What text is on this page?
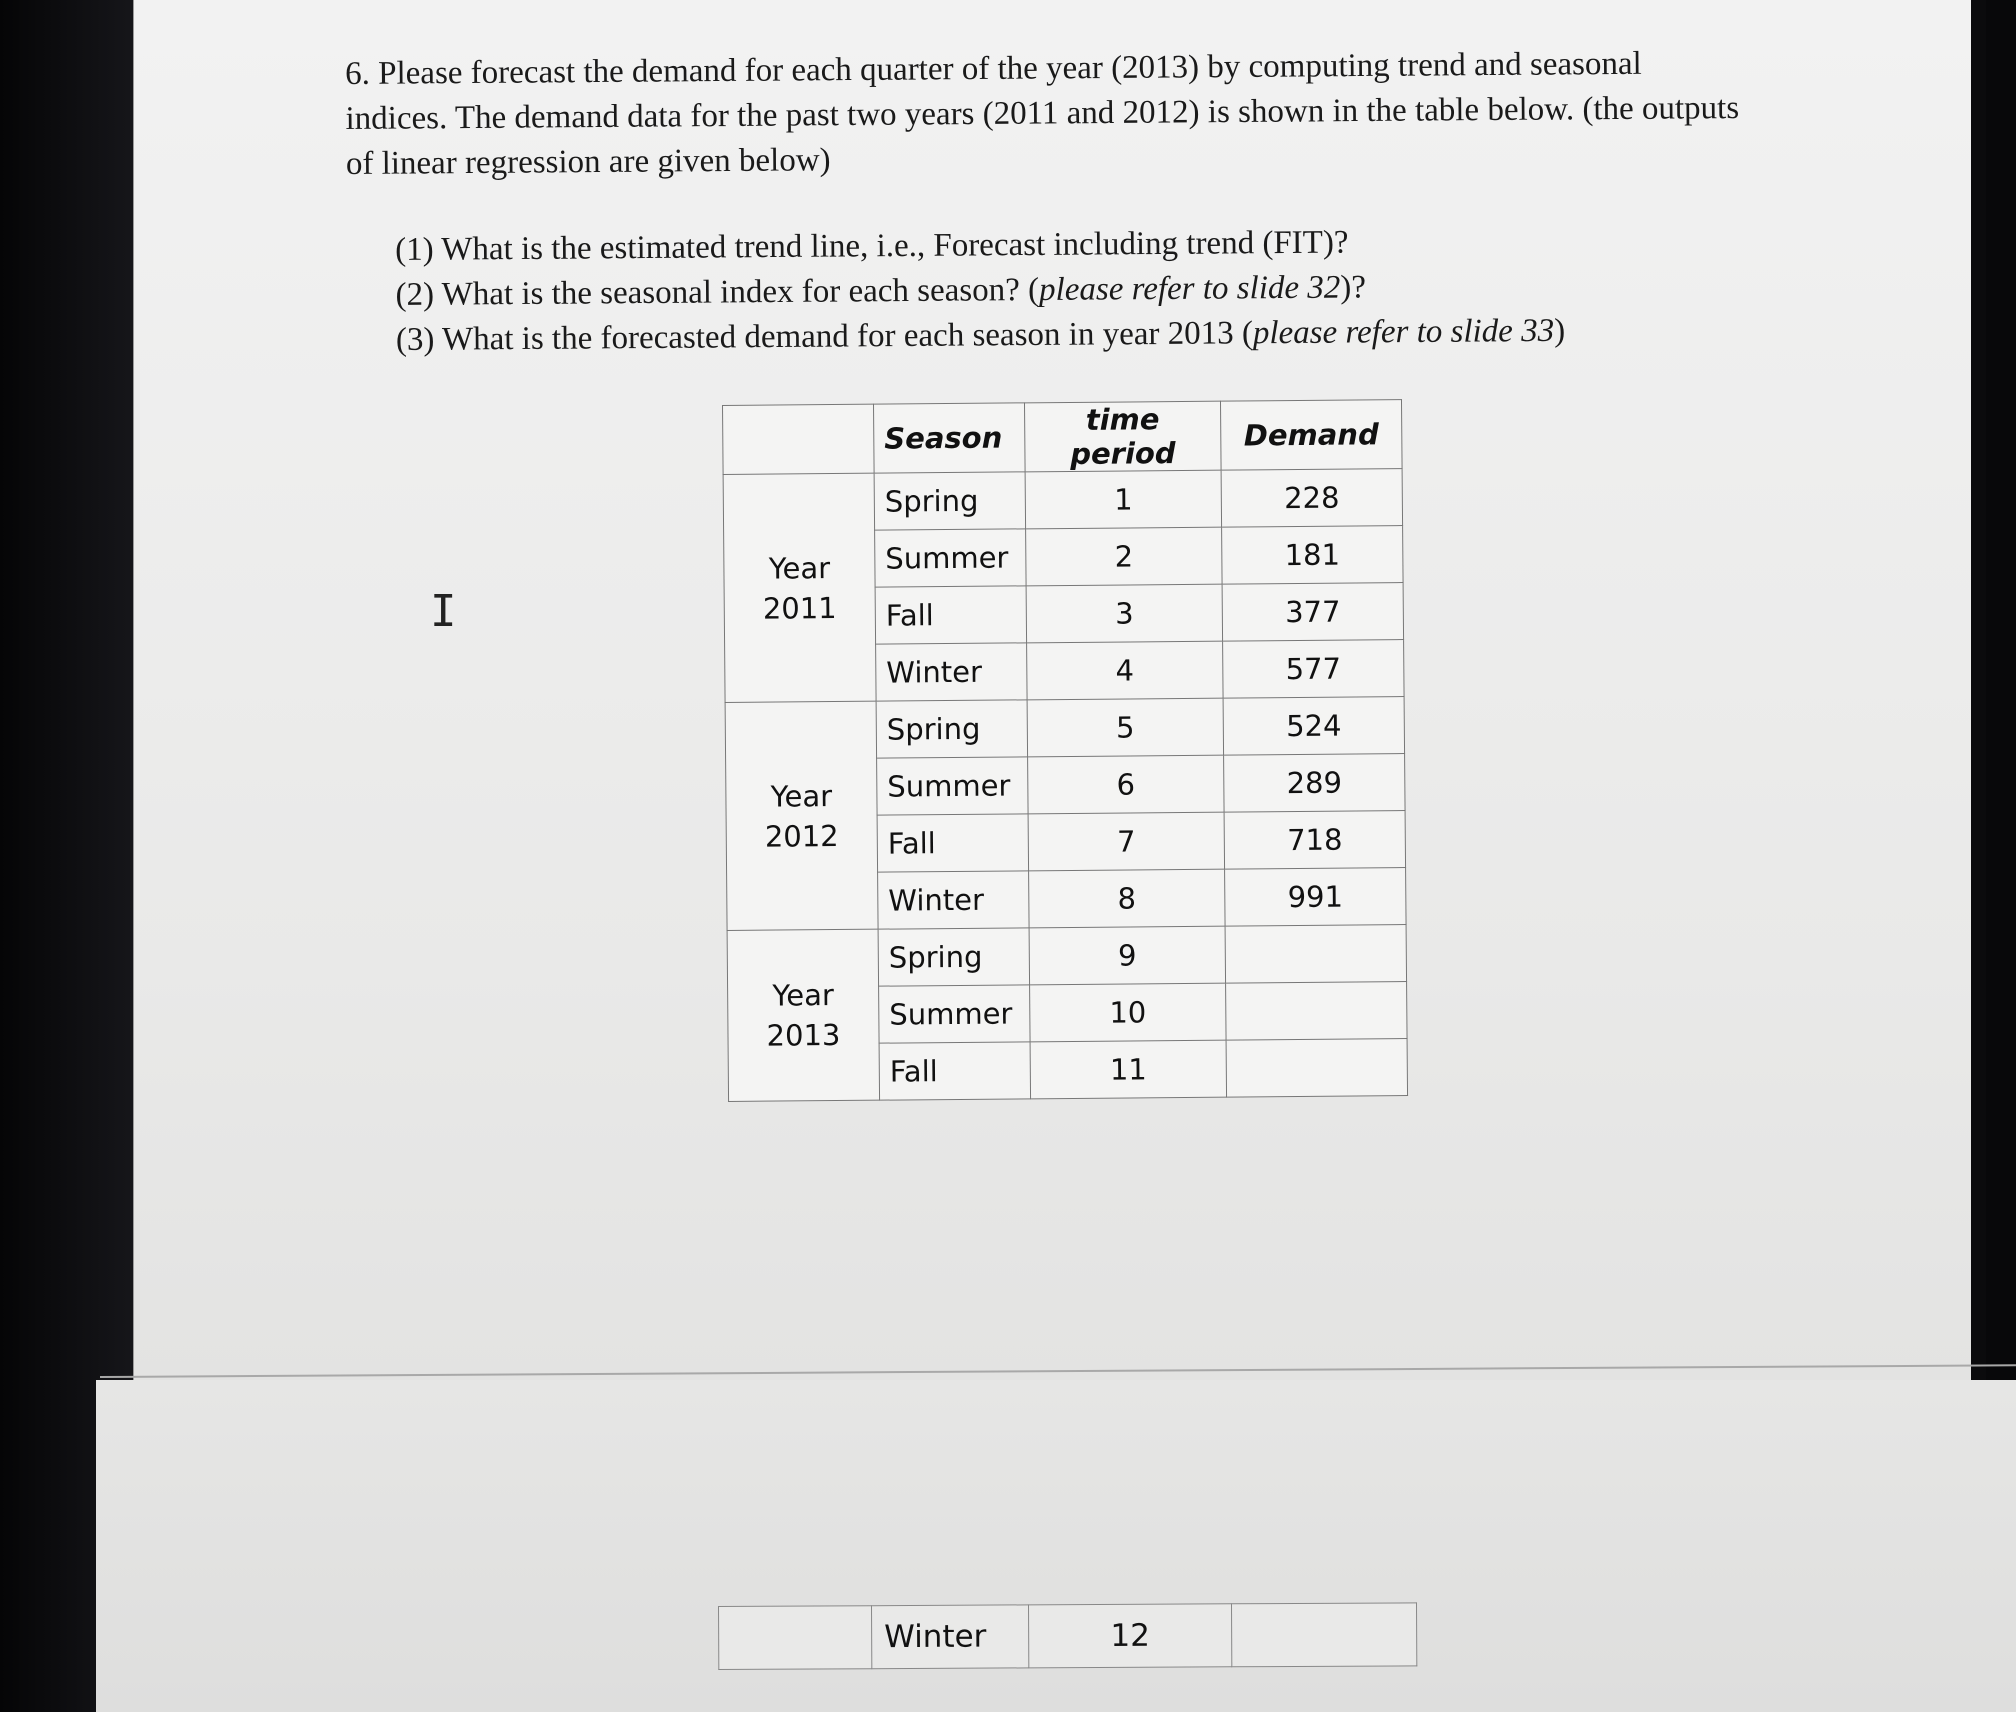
6. Please forecast the demand for each quarter of the year (2013) by computing trend and seasonal indices. The demand data for the past two years (2011 and 2012) is shown in the table below. (the outputs of linear regression are given below)

(1) What is the estimated trend line, i.e., Forecast including trend (FIT)?
(2) What is the seasonal index for each season? (please refer to slide 32)?
(3) What is the forecasted demand for each season in year 2013 (please refer to slide 33)
I
	Season	time period	Demand
Year
2011	Spring	1	228
	Summer	2	181
	Fall	3	377
	Winter	4	577
Year
2012	Spring	5	524
	Summer	6	289
	Fall	7	718
	Winter	8	991
Year
2013	Spring	9	
	Summer	10	
	Fall	11	
	Winter	12	
